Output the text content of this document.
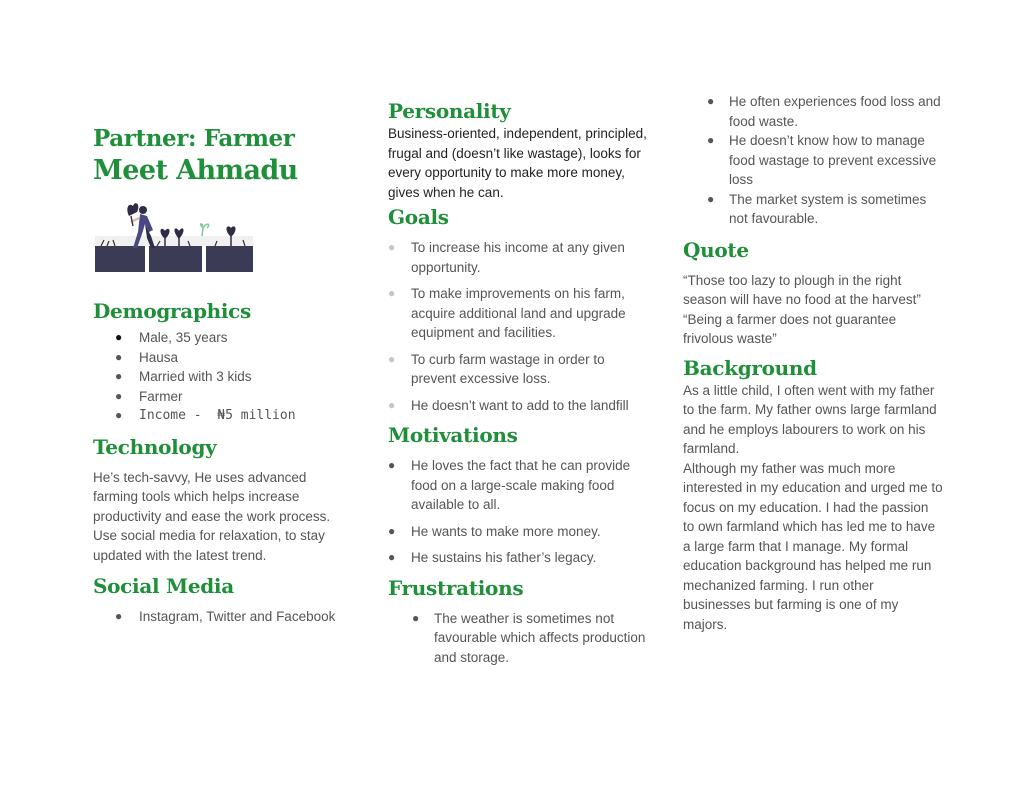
Partner: Farmer
Meet Ahmadu
Demographics
● Male, 35 years
● Hausa
● Married with 3 kids
● Farmer
● Income -  ₦5 million
Technology
He’s tech-savvy, He uses advanced farming tools which helps increase productivity and ease the work process. Use social media for relaxation, to stay updated with the latest trend.
Social Media
● Instagram, Twitter and Facebook
Personality
Business-oriented, independent, principled, frugal and (doesn’t like wastage), looks for every opportunity to make more money, gives when he can.
Goals
● To increase his income at any given opportunity.
● To make improvements on his farm, acquire additional land and upgrade equipment and facilities.
● To curb farm wastage in order to prevent excessive loss.
● He doesn’t want to add to the landfill
Motivations
● He loves the fact that he can provide food on a large-scale making food available to all.
● He wants to make more money.
● He sustains his father’s legacy.
Frustrations
● The weather is sometimes not favourable which affects production and storage.
● He often experiences food loss and food waste.
● He doesn’t know how to manage food wastage to prevent excessive loss
● The market system is sometimes not favourable.
Quote
“Those too lazy to plough in the right season will have no food at the harvest”
“Being a farmer does not guarantee frivolous waste”
Background
As a little child, I often went with my father to the farm. My father owns large farmland and he employs labourers to work on his farmland.
Although my father was much more interested in my education and urged me to focus on my education. I had the passion to own farmland which has led me to have a large farm that I manage. My formal education background has helped me run mechanized farming. I run other businesses but farming is one of my majors.
